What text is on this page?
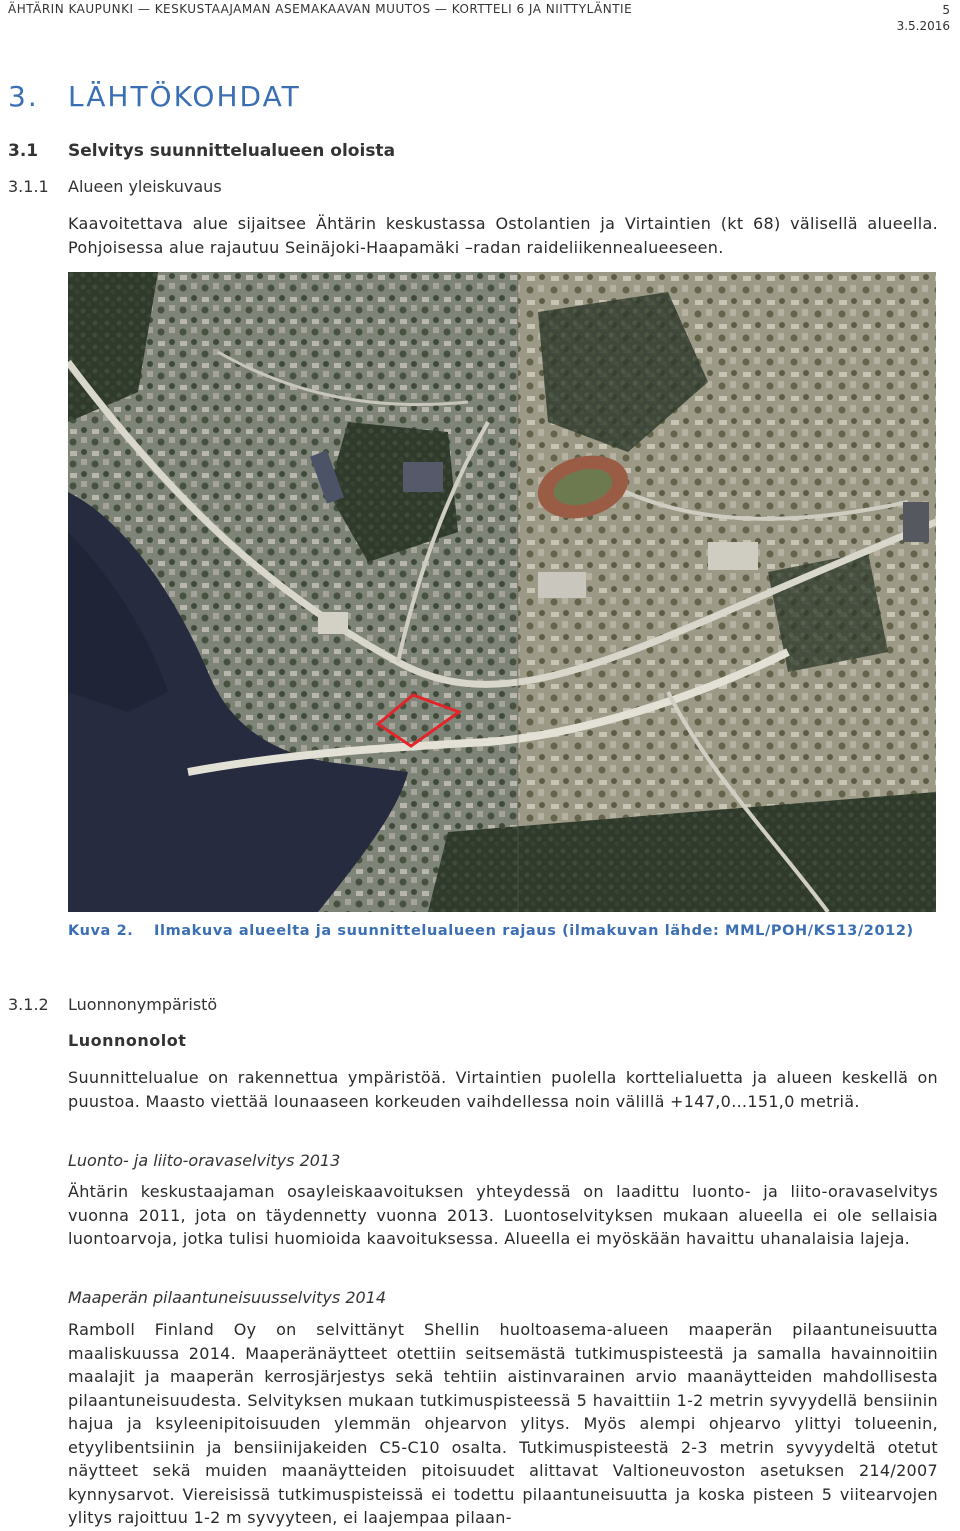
ÄHTÄRIN KAUPUNKI — KESKUSTAAJAMAN ASEMAKAAVAN MUUTOS — KORTTELI 6 JA NIITTYLÄNTIE	5
3.5.2016
3. LÄHTÖKOHDAT
3.1 Selvitys suunnittelualueen oloista
3.1.1 Alueen yleiskuvaus

Kaavoitettava alue sijaitsee Ähtärin keskustassa Ostolantien ja Virtaintien (kt 68) välisellä alueella. Pohjoisessa alue rajautuu Seinäjoki-Haapamäki –radan raideliikennealueeseen.

Kuva 2. Ilmakuva alueelta ja suunnittelualueen rajaus (ilmakuvan lähde: MML/POH/KS13/2012)
3.1.2 Luonnonympäristö
Luonnonolot

Suunnittelualue on rakennettua ympäristöä. Virtaintien puolella korttelialuetta ja alueen keskellä on puustoa. Maasto viettää lounaaseen korkeuden vaihdellessa noin välillä +147,0…151,0 metriä.

Luonto- ja liito-oravaselvitys 2013

Ähtärin keskustaajaman osayleiskaavoituksen yhteydessä on laadittu luonto- ja liito-oravaselvitys vuonna 2011, jota on täydennetty vuonna 2013. Luontoselvityksen mukaan alueella ei ole sellaisia luontoarvoja, jotka tulisi huomioida kaavoituksessa. Alueella ei myöskään havaittu uhanalaisia lajeja.

Maaperän pilaantuneisuusselvitys 2014

Ramboll Finland Oy on selvittänyt Shellin huoltoasema-alueen maaperän pilaantuneisuutta maaliskuussa 2014. Maaperänäytteet otettiin seitsemästä tutkimuspisteestä ja samalla havainnoitiin maalajit ja maaperän kerrosjärjestys sekä tehtiin aistinvarainen arvio maanäytteiden mahdollisesta pilaantuneisuudesta. Selvityksen mukaan tutkimuspisteessä 5 havaittiin 1-2 metrin syvyydellä bensiinin hajua ja ksyleenipitoisuuden ylemmän ohjearvon ylitys. Myös alempi ohjearvo ylittyi tolueenin, etyylibentsiinin ja bensiinijakeiden C5-C10 osalta. Tutkimuspisteestä 2-3 metrin syvyydeltä otetut näytteet sekä muiden maanäytteiden pitoisuudet alittavat Valtioneuvoston asetuksen 214/2007 kynnysarvot. Viereisissä tutkimuspisteissä ei todettu pilaantuneisuutta ja koska pisteen 5 viitearvojen ylitys rajoittuu 1-2 m syvyyteen, ei laajempaa pilaan-
